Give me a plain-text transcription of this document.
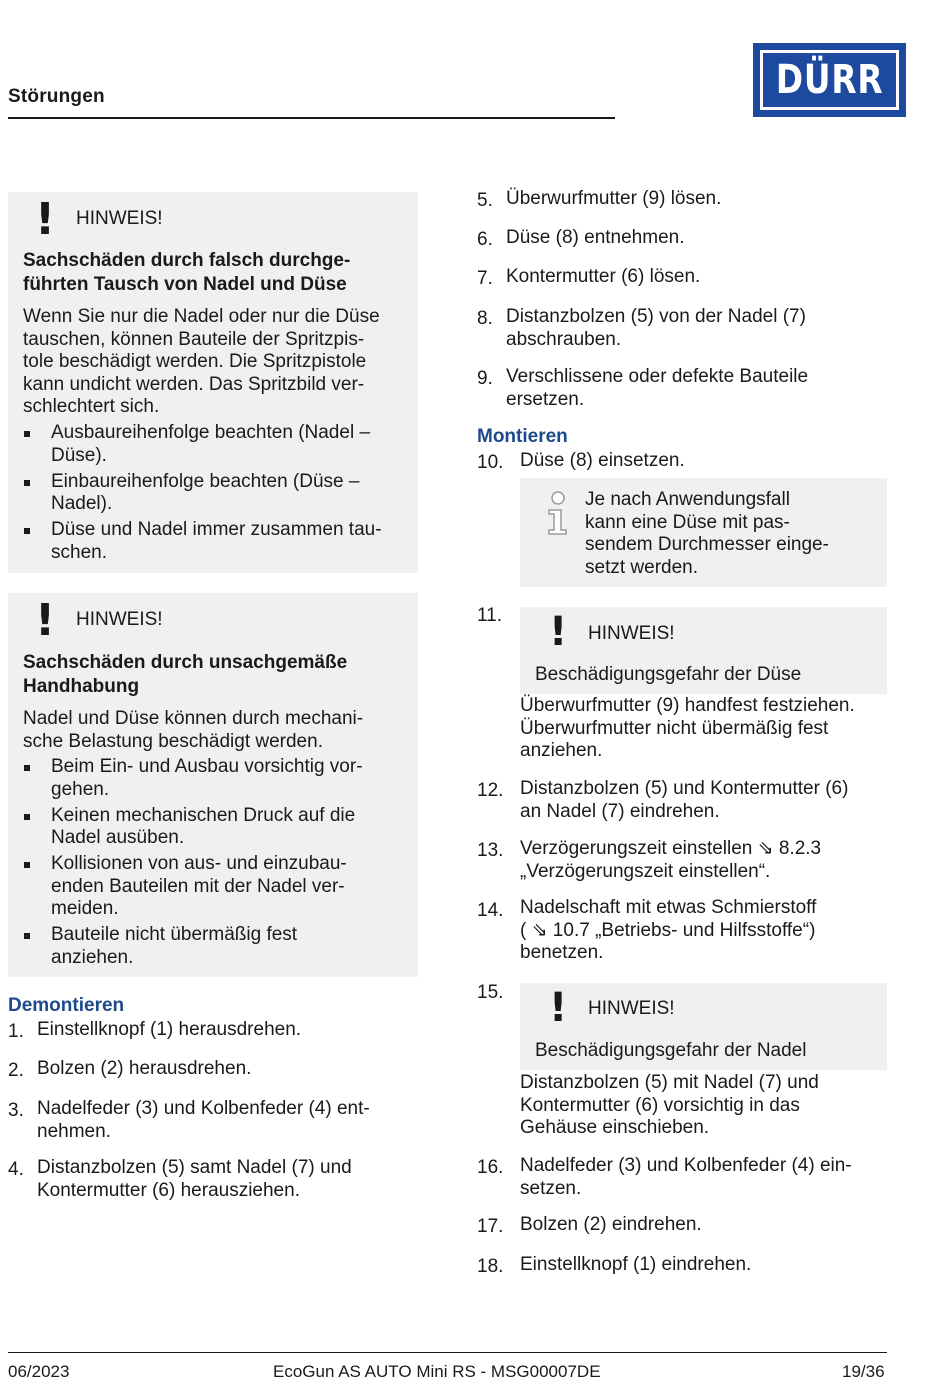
Störungen	DÜRR
! HINWEIS!
Sachschäden durch falsch durchge-
führten Tausch von Nadel und Düse
Wenn Sie nur die Nadel oder nur die Düse
tauschen, können Bauteile der Spritzpis-
tole beschädigt werden. Die Spritzpistole
kann undicht werden. Das Spritzbild ver-
schlechtert sich.
Ausbaureihenfolge beachten (Nadel –
Düse).
Einbaureihenfolge beachten (Düse –
Nadel).
Düse und Nadel immer zusammen tau-
schen.
! HINWEIS!
Sachschäden durch unsachgemäße
Handhabung
Nadel und Düse können durch mechani-
sche Belastung beschädigt werden.
Beim Ein- und Ausbau vorsichtig vor-
gehen.
Keinen mechanischen Druck auf die
Nadel ausüben.
Kollisionen von aus- und einzubau-
enden Bauteilen mit der Nadel ver-
meiden.
Bauteile nicht übermäßig fest
anziehen.
Demontieren
1. Einstellknopf (1) herausdrehen.
2. Bolzen (2) herausdrehen.
3. Nadelfeder (3) und Kolbenfeder (4) ent-
nehmen.
4. Distanzbolzen (5) samt Nadel (7) und
Kontermutter (6) herausziehen.
5. Überwurfmutter (9) lösen.
6. Düse (8) entnehmen.
7. Kontermutter (6) lösen.
8. Distanzbolzen (5) von der Nadel (7)
abschrauben.
9. Verschlissene oder defekte Bauteile
ersetzen.
Montieren
10. Düse (8) einsetzen.
Je nach Anwendungsfall
kann eine Düse mit pas-
sendem Durchmesser einge-
setzt werden.
11. ! HINWEIS!
Beschädigungsgefahr der Düse
Überwurfmutter (9) handfest festziehen.
Überwurfmutter nicht übermäßig fest
anziehen.
12. Distanzbolzen (5) und Kontermutter (6)
an Nadel (7) eindrehen.
13. Verzögerungszeit einstellen ⇘ 8.2.3
„Verzögerungszeit einstellen“.
14. Nadelschaft mit etwas Schmierstoff
( ⇘ 10.7 „Betriebs- und Hilfsstoffe“)
benetzen.
15. ! HINWEIS!
Beschädigungsgefahr der Nadel
Distanzbolzen (5) mit Nadel (7) und
Kontermutter (6) vorsichtig in das
Gehäuse einschieben.
16. Nadelfeder (3) und Kolbenfeder (4) ein-
setzen.
17. Bolzen (2) eindrehen.
18. Einstellknopf (1) eindrehen.
06/2023	EcoGun AS AUTO Mini RS - MSG00007DE	19/36
